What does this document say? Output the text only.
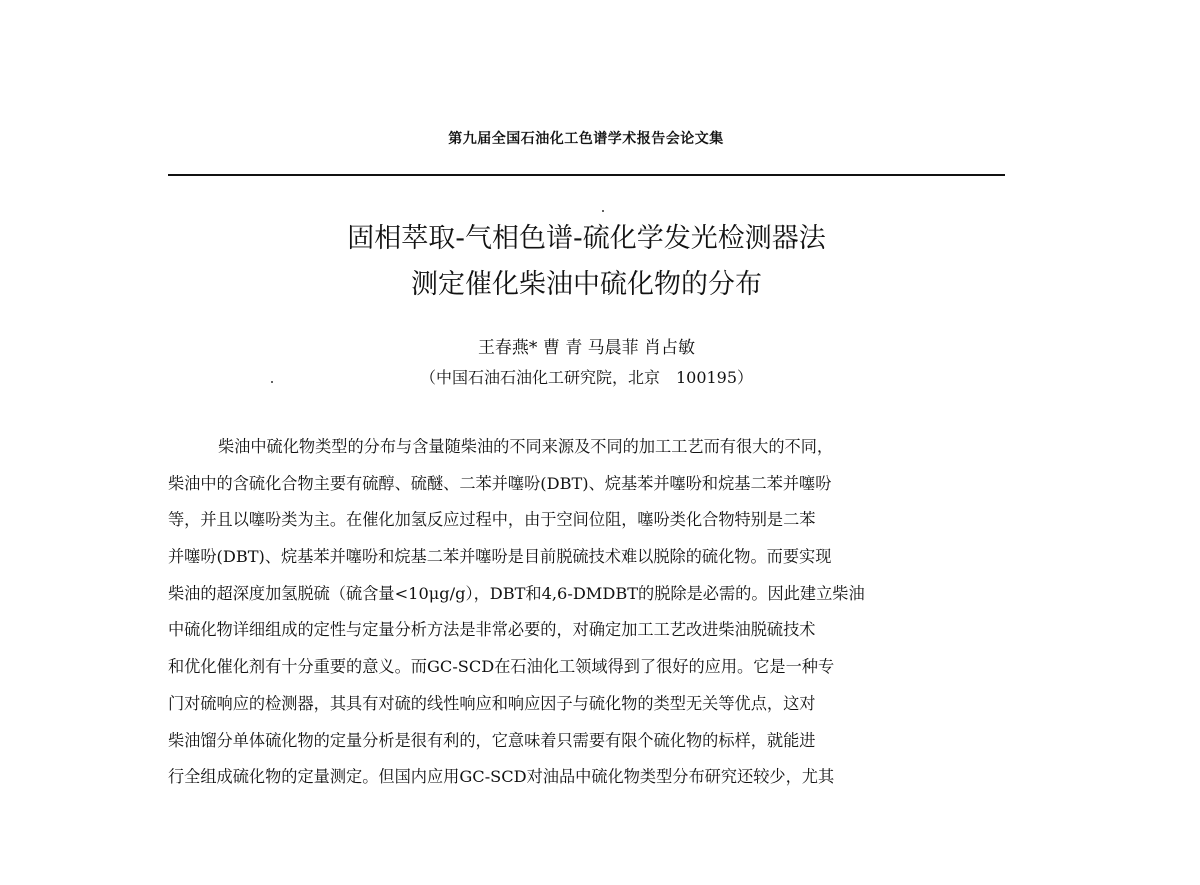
第九届全国石油化工色谱学术报告会论文集
固相萃取-气相色谱-硫化学发光检测器法
测定催化柴油中硫化物的分布
王春燕* 曹 青 马晨菲 肖占敏
（中国石油石油化工研究院，北京　100195）
柴油中硫化物类型的分布与含量随柴油的不同来源及不同的加工工艺而有很大的不同，
柴油中的含硫化合物主要有硫醇、硫醚、二苯并噻吩(DBT)、烷基苯并噻吩和烷基二苯并噻吩
等，并且以噻吩类为主。在催化加氢反应过程中，由于空间位阻，噻吩类化合物特别是二苯
并噻吩(DBT)、烷基苯并噻吩和烷基二苯并噻吩是目前脱硫技术难以脱除的硫化物。而要实现
柴油的超深度加氢脱硫（硫含量<10μg/g），DBT和4,6-DMDBT的脱除是必需的。因此建立柴油
中硫化物详细组成的定性与定量分析方法是非常必要的，对确定加工工艺改进柴油脱硫技术
和优化催化剂有十分重要的意义。而GC-SCD在石油化工领域得到了很好的应用。它是一种专
门对硫响应的检测器，其具有对硫的线性响应和响应因子与硫化物的类型无关等优点，这对
柴油馏分单体硫化物的定量分析是很有利的，它意味着只需要有限个硫化物的标样，就能进
行全组成硫化物的定量测定。但国内应用GC-SCD对油品中硫化物类型分布研究还较少，尤其
